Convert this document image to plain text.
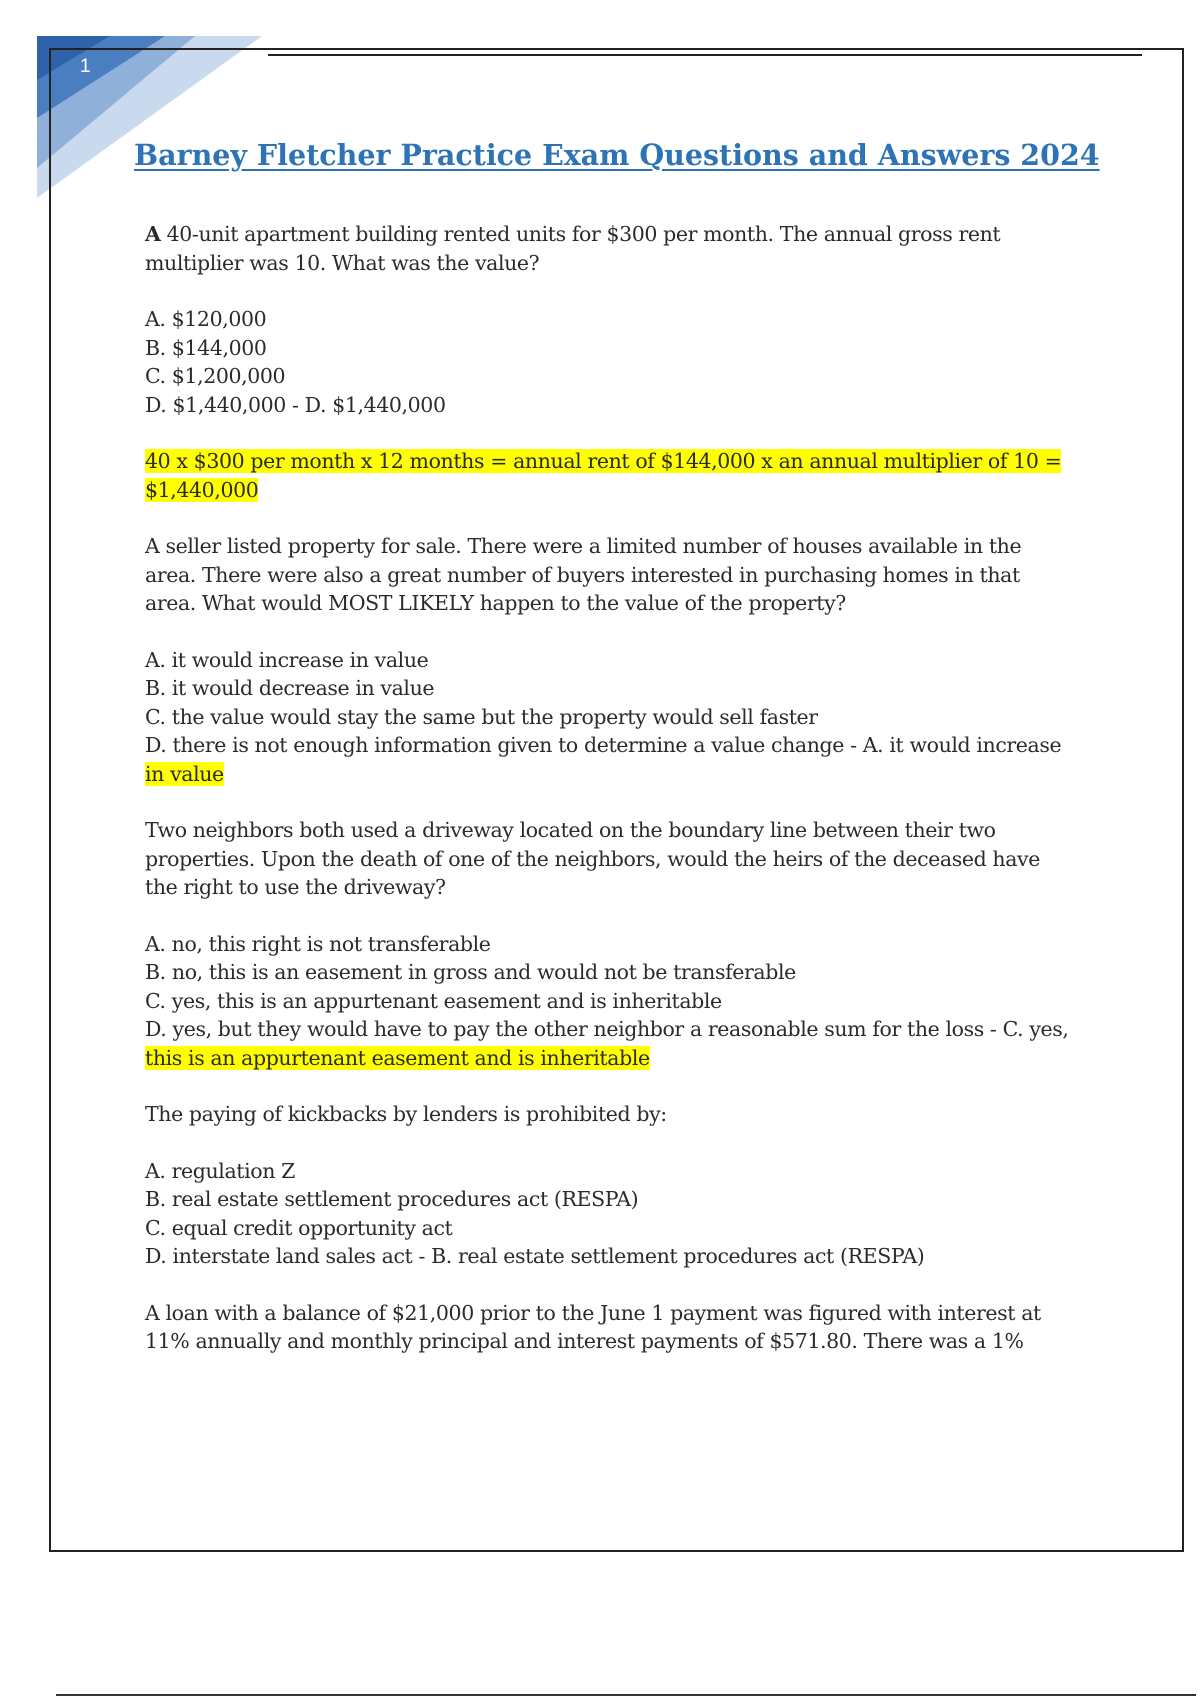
1
Barney Fletcher Practice Exam Questions and Answers 2024

A 40-unit apartment building rented units for $300 per month. The annual gross rent multiplier was 10. What was the value?

A. $120,000
B. $144,000
C. $1,200,000
D. $1,440,000 - D. $1,440,000

40 x $300 per month x 12 months = annual rent of $144,000 x an annual multiplier of 10 = $1,440,000

A seller listed property for sale. There were a limited number of houses available in the area. There were also a great number of buyers interested in purchasing homes in that area. What would MOST LIKELY happen to the value of the property?

A. it would increase in value
B. it would decrease in value
C. the value would stay the same but the property would sell faster
D. there is not enough information given to determine a value change - A. it would increase in value

Two neighbors both used a driveway located on the boundary line between their two properties. Upon the death of one of the neighbors, would the heirs of the deceased have the right to use the driveway?

A. no, this right is not transferable
B. no, this is an easement in gross and would not be transferable
C. yes, this is an appurtenant easement and is inheritable
D. yes, but they would have to pay the other neighbor a reasonable sum for the loss - C. yes, this is an appurtenant easement and is inheritable

The paying of kickbacks by lenders is prohibited by:

A. regulation Z
B. real estate settlement procedures act (RESPA)
C. equal credit opportunity act
D. interstate land sales act - B. real estate settlement procedures act (RESPA)

A loan with a balance of $21,000 prior to the June 1 payment was figured with interest at 11% annually and monthly principal and interest payments of $571.80. There was a 1%
